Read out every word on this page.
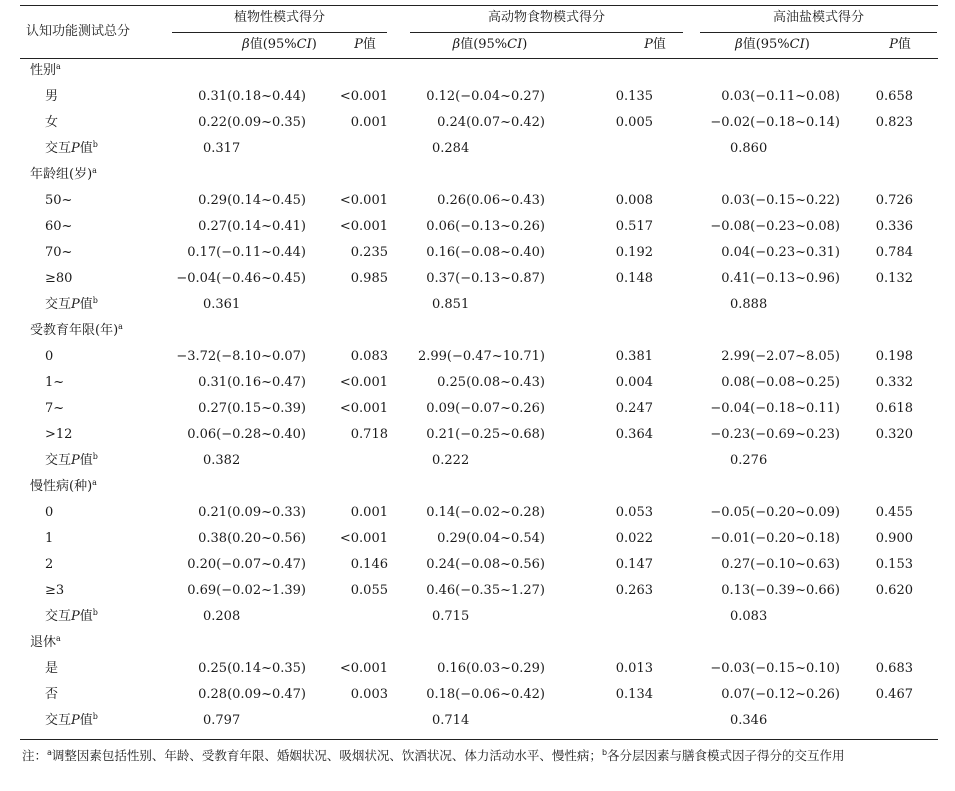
认知功能测试总分
植物性模式得分	高动物食物模式得分	高油盐模式得分
β值(95%CI)	P值	β值(95%CI)	P值	β值(95%CI)	P值
性别$^a$
男	0.31(0.18~0.44)	<0.001	0.12(−0.04~0.27)	0.135	0.03(−0.11~0.08)	0.658
女	0.22(0.09~0.35)	0.001	0.24(0.07~0.42)	0.005	−0.02(−0.18~0.14)	0.823
交互P值$^b$	0.317	0.284	0.860
年龄组(岁)$^a$
50~	0.29(0.14~0.45)	<0.001	0.26(0.06~0.43)	0.008	0.03(−0.15~0.22)	0.726
60~	0.27(0.14~0.41)	<0.001	0.06(−0.13~0.26)	0.517	−0.08(−0.23~0.08)	0.336
70~	0.17(−0.11~0.44)	0.235	0.16(−0.08~0.40)	0.192	0.04(−0.23~0.31)	0.784
≥80	−0.04(−0.46~0.45)	0.985	0.37(−0.13~0.87)	0.148	0.41(−0.13~0.96)	0.132
交互P值$^b$	0.361	0.851	0.888
受教育年限(年)$^a$
0	−3.72(−8.10~0.07)	0.083	2.99(−0.47~10.71)	0.381	2.99(−2.07~8.05)	0.198
1~	0.31(0.16~0.47)	<0.001	0.25(0.08~0.43)	0.004	0.08(−0.08~0.25)	0.332
7~	0.27(0.15~0.39)	<0.001	0.09(−0.07~0.26)	0.247	−0.04(−0.18~0.11)	0.618
>12	0.06(−0.28~0.40)	0.718	0.21(−0.25~0.68)	0.364	−0.23(−0.69~0.23)	0.320
交互P值$^b$	0.382	0.222	0.276
慢性病(种)$^a$
0	0.21(0.09~0.33)	0.001	0.14(−0.02~0.28)	0.053	−0.05(−0.20~0.09)	0.455
1	0.38(0.20~0.56)	<0.001	0.29(0.04~0.54)	0.022	−0.01(−0.20~0.18)	0.900
2	0.20(−0.07~0.47)	0.146	0.24(−0.08~0.56)	0.147	0.27(−0.10~0.63)	0.153
≥3	0.69(−0.02~1.39)	0.055	0.46(−0.35~1.27)	0.263	0.13(−0.39~0.66)	0.620
交互P值$^b$	0.208	0.715	0.083
退休$^a$
是	0.25(0.14~0.35)	<0.001	0.16(0.03~0.29)	0.013	−0.03(−0.15~0.10)	0.683
否	0.28(0.09~0.47)	0.003	0.18(−0.06~0.42)	0.134	0.07(−0.12~0.26)	0.467
交互P值$^b$	0.797	0.714	0.346
注：$^a$调整因素包括性别、年龄、受教育年限、婚姻状况、吸烟状况、饮酒状况、体力活动水平、慢性病；$^b$各分层因素与膳食模式因子得分的交互作用
